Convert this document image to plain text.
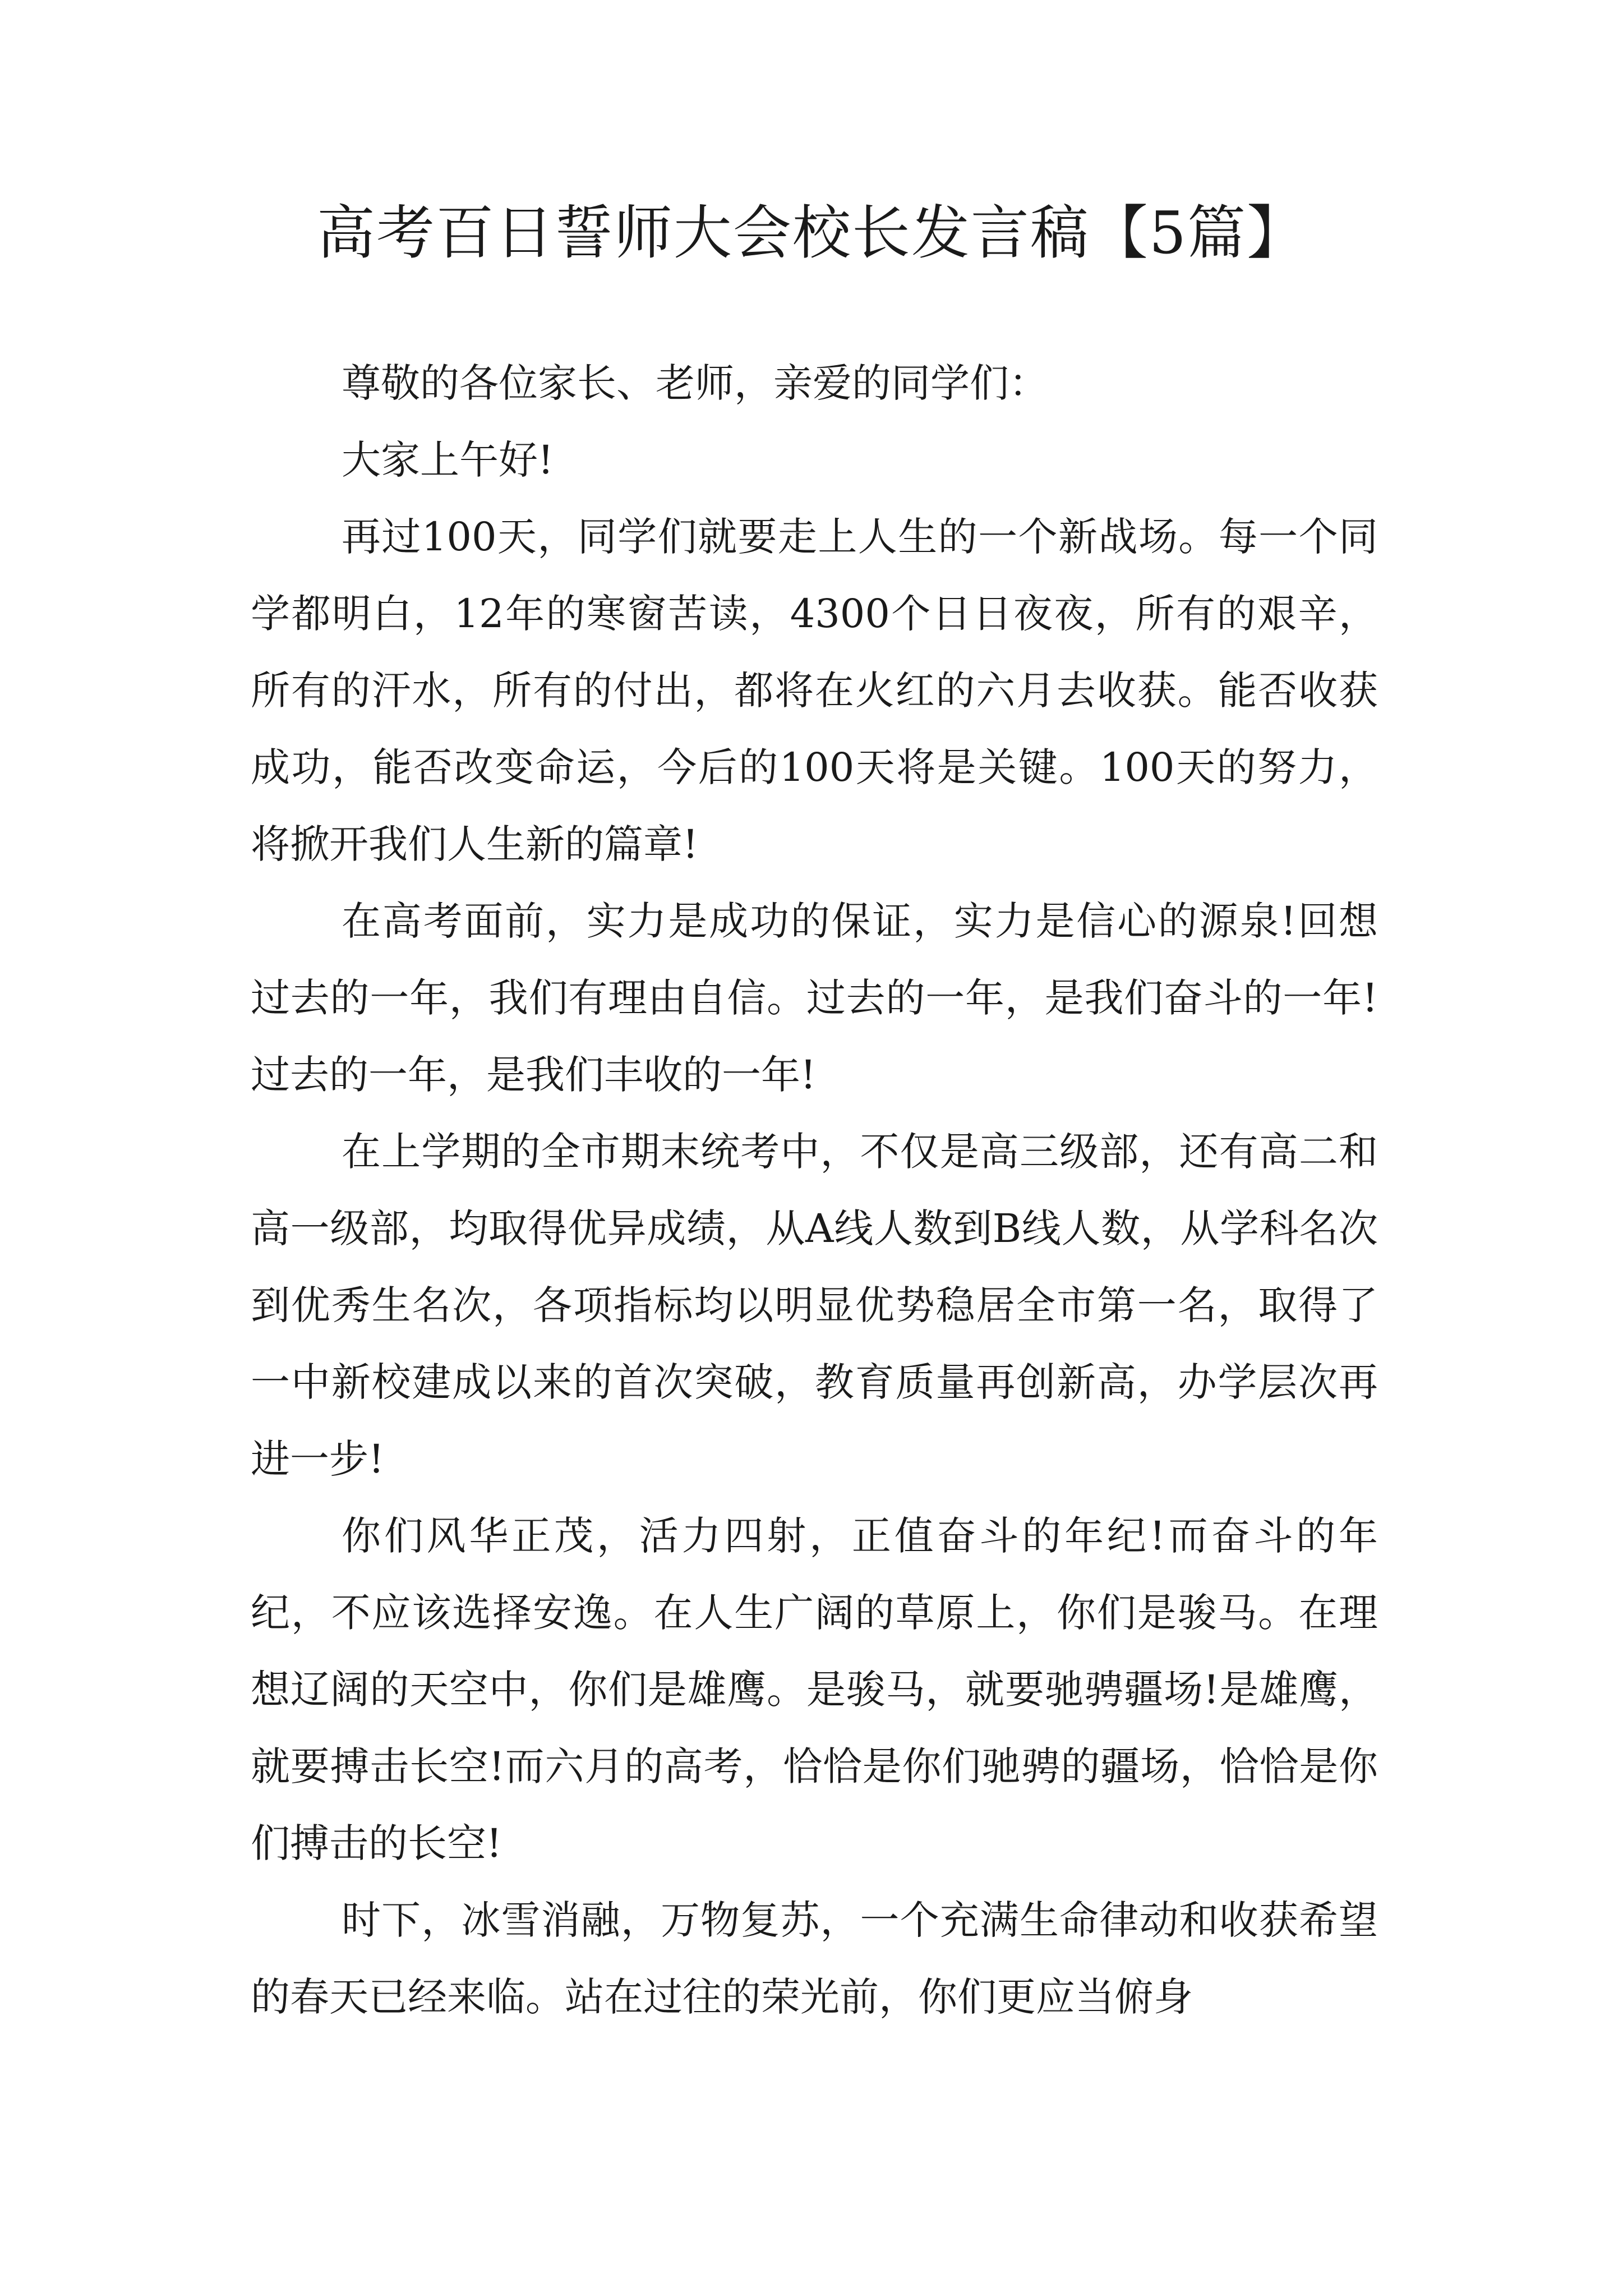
高考百日誓师大会校长发言稿【5篇】

尊敬的各位家长、老师，亲爱的同学们：

大家上午好!

再过100天，同学们就要走上人生的一个新战场。每一个同学都明白，12年的寒窗苦读，4300个日日夜夜，所有的艰辛，所有的汗水，所有的付出，都将在火红的六月去收获。能否收获成功，能否改变命运，今后的100天将是关键。100天的努力，将掀开我们人生新的篇章!

在高考面前，实力是成功的保证，实力是信心的源泉!回想过去的一年，我们有理由自信。过去的一年，是我们奋斗的一年!过去的一年，是我们丰收的一年!

在上学期的全市期末统考中，不仅是高三级部，还有高二和高一级部，均取得优异成绩，从A线人数到B线人数，从学科名次到优秀生名次，各项指标均以明显优势稳居全市第一名，取得了一中新校建成以来的首次突破，教育质量再创新高，办学层次再进一步!

你们风华正茂，活力四射，正值奋斗的年纪!而奋斗的年纪，不应该选择安逸。在人生广阔的草原上，你们是骏马。在理想辽阔的天空中，你们是雄鹰。是骏马，就要驰骋疆场!是雄鹰，就要搏击长空!而六月的高考，恰恰是你们驰骋的疆场，恰恰是你们搏击的长空!

时下，冰雪消融，万物复苏，一个充满生命律动和收获希望的春天已经来临。站在过往的荣光前，你们更应当俯身
